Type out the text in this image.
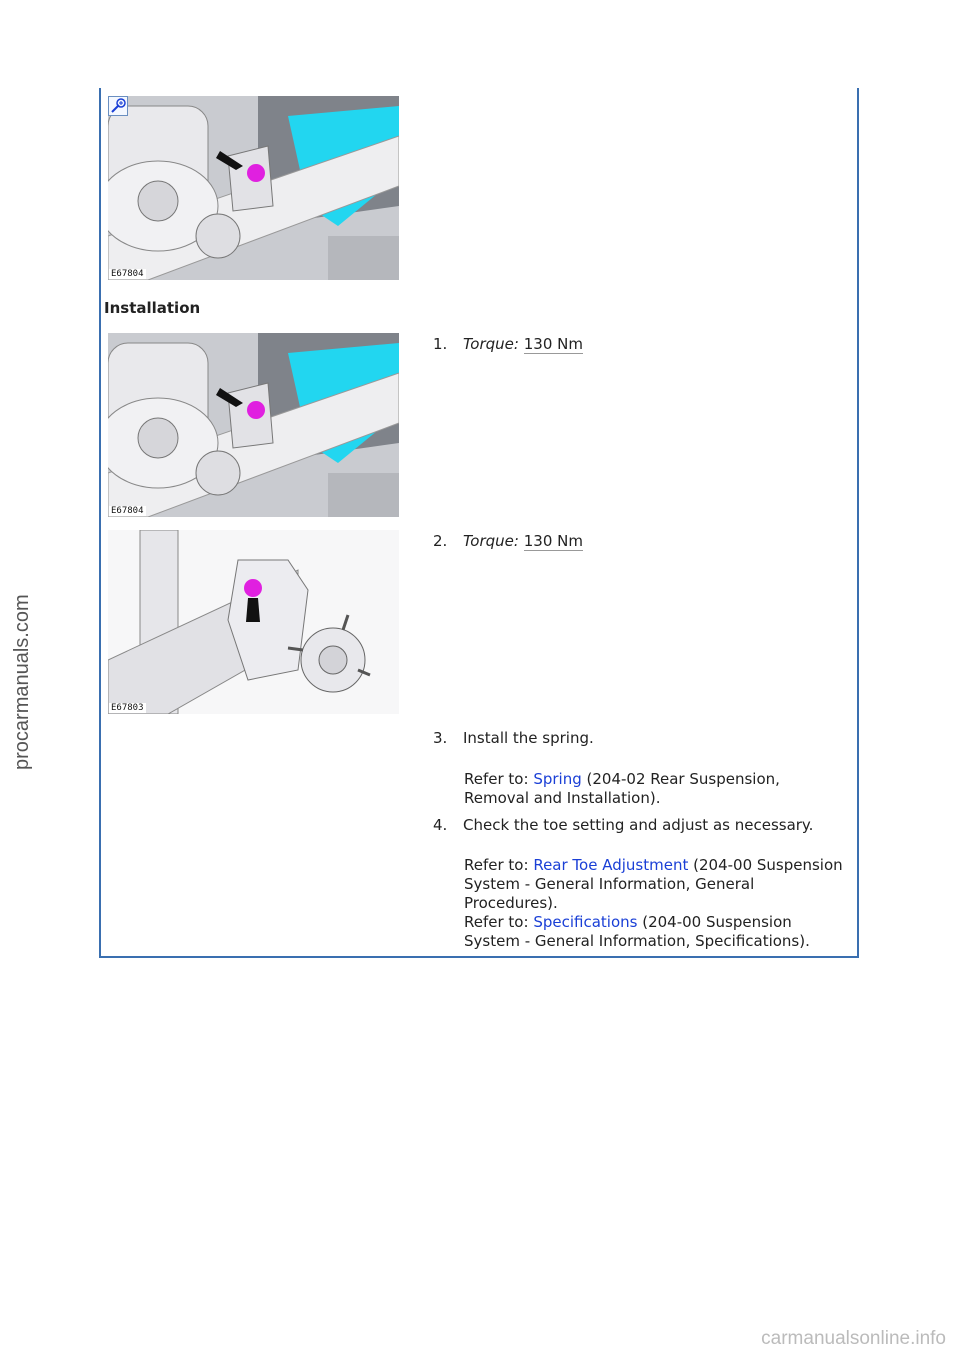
E67804
Installation
E67804
E67803
1. Torque: 130 Nm
2. Torque: 130 Nm
3. Install the spring.
Refer to: Spring (204-02 Rear Suspension, Removal and Installation).
4. Check the toe setting and adjust as necessary.
Refer to: Rear Toe Adjustment (204-00 Suspension System - General Information, General Procedures).
Refer to: Specifications (204-00 Suspension System - General Information, Specifications).
procarmanuals.com
carmanualsonline.info
